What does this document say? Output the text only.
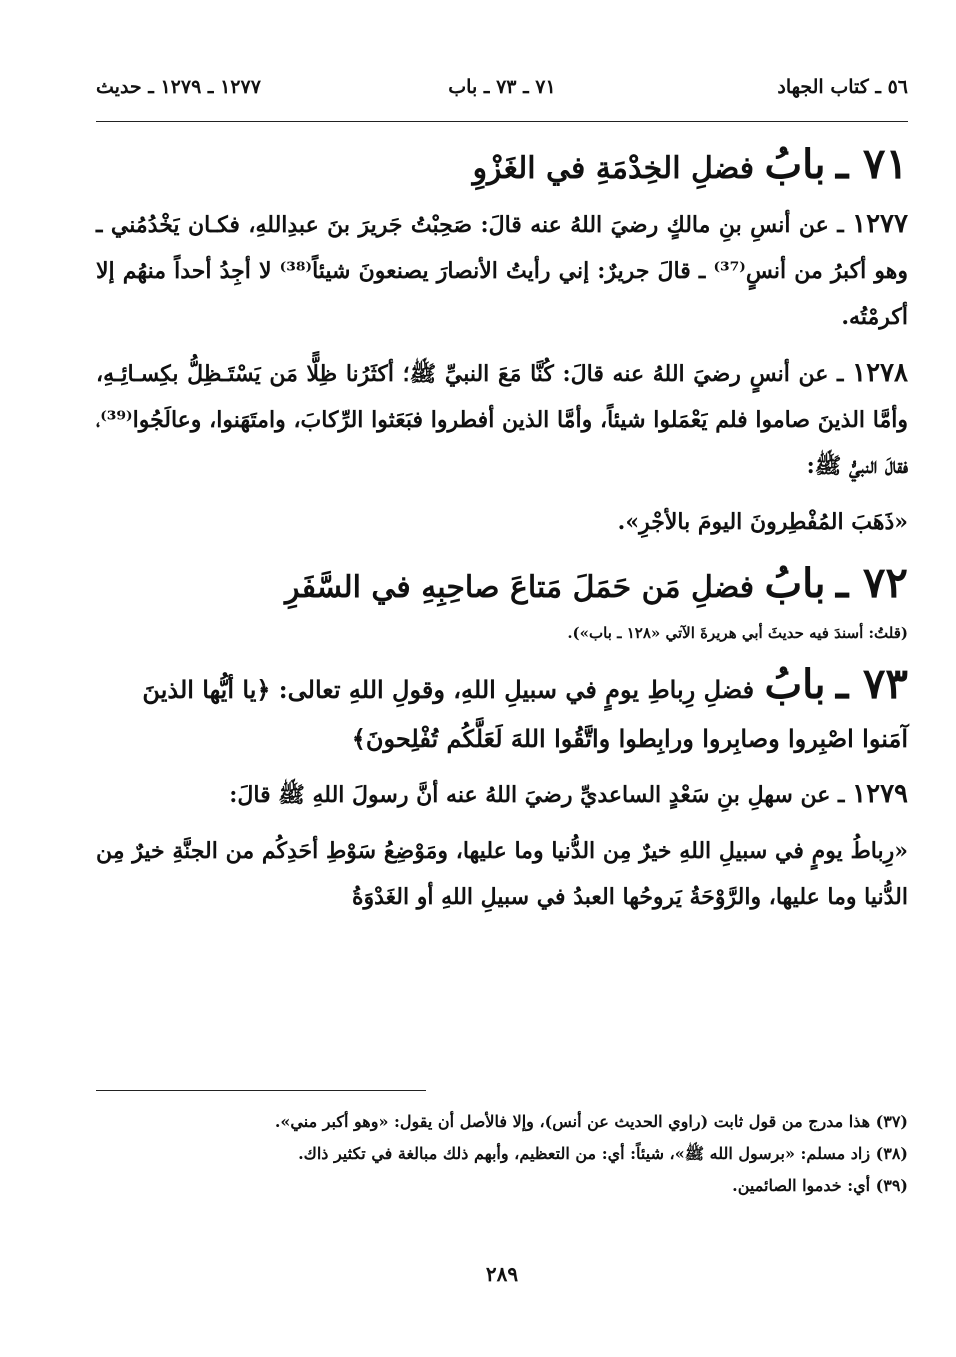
٥٦ ـ كتاب الجهاد
٧١ ـ ٧٣ ـ باب
١٢٧٧ ـ ١٢٧٩ ـ حديث
٧١ ـ بابُ فضلِ الخِدْمَةِ في الغَزْوِ

١٢٧٧ ـ عن أنسِ بنِ مالكٍ رضيَ اللهُ عنه قالَ: صَحِبْتُ جَريرَ بنَ عبدِاللهِ، فكـان يَخْدُمُني ـ وهو أكبرُ من أنسٍ⁽³⁷⁾ ـ قالَ جريرٌ: إني رأيتُ الأنصارَ يصنعونَ شيئاً⁽³⁸⁾ لا أجِدُ أحداً منهُم إلا أكرمْتُه.

١٢٧٨ ـ عن أنسٍ رضيَ اللهُ عنه قالَ: كُنَّا مَعَ النبيِّ ﷺ؛ أكثَرُنا ظِلًّا مَن يَسْتَـظِلُّ بكِسـائِـهِ، وأمَّا الذينَ صاموا فلم يَعْمَلوا شيئاً، وأمَّا الذين أفطروا فبَعَثوا الرِّكابَ، وامتَهَنوا، وعالَجُوا⁽³⁹⁾، فقالَ النبيُّ ﷺ:

«ذَهَبَ المُفْطِرونَ اليومَ بالأجْرِ».

٧٢ ـ بابُ فضلِ مَن حَمَلَ مَتاعَ صاحِبِهِ في السَّفَرِ

(قلتُ: أسندَ فيه حديثَ أبي هريرةَ الآتي «١٢٨ ـ باب»).

٧٣ ـ بابُ فضلِ رِباطِ يومٍ في سبيلِ اللهِ، وقولِ اللهِ تعالى: ﴿يا أيُّها الذينَ آمَنوا اصْبِروا وصابِروا ورابِطوا واتَّقُوا اللهَ لَعَلَّكُم تُفْلِحونَ﴾

١٢٧٩ ـ عن سهلِ بنِ سَعْدٍ الساعديِّ رضيَ اللهُ عنه أنَّ رسولَ اللهِ ﷺ قالَ:

«رِباطُ يومٍ في سبيلِ اللهِ خيرٌ مِن الدُّنيا وما عليها، ومَوْضِعُ سَوْطِ أحَدِكُم من الجنَّةِ خيرٌ مِن الدُّنيا وما عليها، والرَّوْحَةُ يَروحُها العبدُ في سبيلِ اللهِ أو الغَدْوَةُ

(٣٧) هذا مدرج من قول ثابت (راوي الحديث عن أنس)، وإلا فالأصل أن يقول: «وهو أكبر مني».

(٣٨) زاد مسلم: «برسول الله ﷺ»، شيئاً: أي: من التعظيم، وأبهم ذلك مبالغة في تكثير ذاك.

(٣٩) أي: خدموا الصائمين.

٢٨٩
